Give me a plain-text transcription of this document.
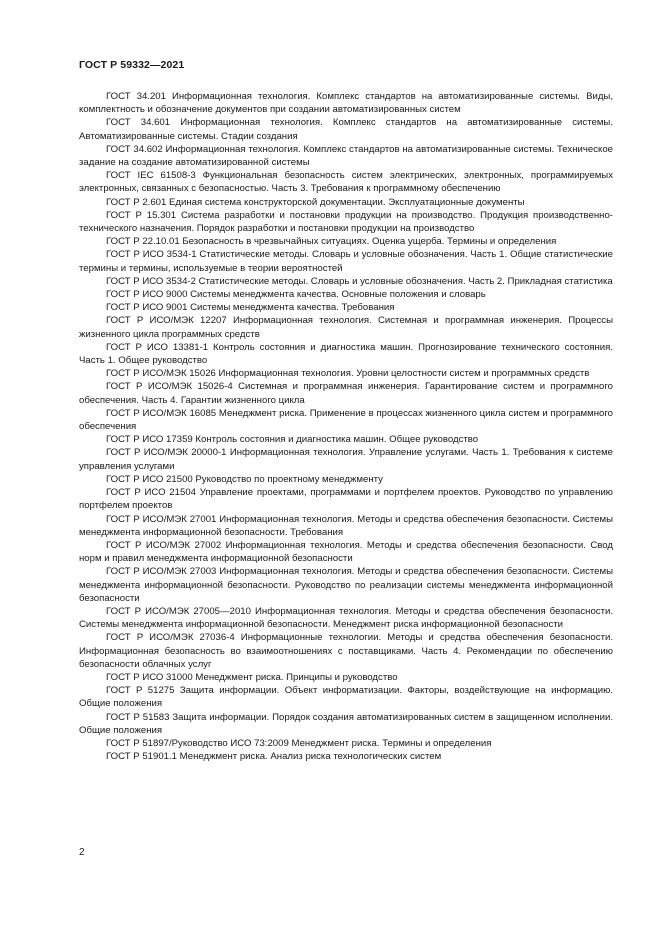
ГОСТ Р 59332—2021

ГОСТ 34.201 Информационная технология. Комплекс стандартов на автоматизированные системы. Виды, комплектность и обозначение документов при создании автоматизированных систем

ГОСТ 34.601 Информационная технология. Комплекс стандартов на автоматизированные системы. Автоматизированные системы. Стадии создания

ГОСТ 34.602 Информационная технология. Комплекс стандартов на автоматизированные системы. Техническое задание на создание автоматизированной системы

ГОСТ IEC 61508-3 Функциональная безопасность систем электрических, электронных, программируемых электронных, связанных с безопасностью. Часть 3. Требования к программному обеспечению

ГОСТ Р 2.601 Единая система конструкторской документации. Эксплуатационные документы

ГОСТ Р 15.301 Система разработки и постановки продукции на производство. Продукция производственно-технического назначения. Порядок разработки и постановки продукции на производство

ГОСТ Р 22.10.01 Безопасность в чрезвычайных ситуациях. Оценка ущерба. Термины и определения

ГОСТ Р ИСО 3534-1 Статистические методы. Словарь и условные обозначения. Часть 1. Общие статистические термины и термины, используемые в теории вероятностей

ГОСТ Р ИСО 3534-2 Статистические методы. Словарь и условные обозначения. Часть 2. Прикладная статистика

ГОСТ Р ИСО 9000 Системы менеджмента качества. Основные положения и словарь

ГОСТ Р ИСО 9001 Системы менеджмента качества. Требования

ГОСТ Р ИСО/МЭК 12207 Информационная технология. Системная и программная инженерия. Процессы жизненного цикла программных средств

ГОСТ Р ИСО 13381-1 Контроль состояния и диагностика машин. Прогнозирование технического состояния. Часть 1. Общее руководство

ГОСТ Р ИСО/МЭК 15026 Информационная технология. Уровни целостности систем и программных средств

ГОСТ Р ИСО/МЭК 15026-4 Системная и программная инженерия. Гарантирование систем и программного обеспечения. Часть 4. Гарантии жизненного цикла

ГОСТ Р ИСО/МЭК 16085 Менеджмент риска. Применение в процессах жизненного цикла систем и программного обеспечения

ГОСТ Р ИСО 17359 Контроль состояния и диагностика машин. Общее руководство

ГОСТ Р ИСО/МЭК 20000-1 Информационная технология. Управление услугами. Часть 1. Требования к системе управления услугами

ГОСТ Р ИСО 21500 Руководство по проектному менеджменту

ГОСТ Р ИСО 21504 Управление проектами, программами и портфелем проектов. Руководство по управлению портфелем проектов

ГОСТ Р ИСО/МЭК 27001 Информационная технология. Методы и средства обеспечения безопасности. Системы менеджмента информационной безопасности. Требования

ГОСТ Р ИСО/МЭК 27002 Информационная технология. Методы и средства обеспечения безопасности. Свод норм и правил менеджмента информационной безопасности

ГОСТ Р ИСО/МЭК 27003 Информационная технология. Методы и средства обеспечения безопасности. Системы менеджмента информационной безопасности. Руководство по реализации системы менеджмента информационной безопасности

ГОСТ Р ИСО/МЭК 27005—2010 Информационная технология. Методы и средства обеспечения безопасности. Системы менеджмента информационной безопасности. Менеджмент риска информационной безопасности

ГОСТ Р ИСО/МЭК 27036-4 Информационные технологии. Методы и средства обеспечения безопасности. Информационная безопасность во взаимоотношениях с поставщиками. Часть 4. Рекомендации по обеспечению безопасности облачных услуг

ГОСТ Р ИСО 31000 Менеджмент риска. Принципы и руководство

ГОСТ Р 51275 Защита информации. Объект информатизации. Факторы, воздействующие на информацию. Общие положения

ГОСТ Р 51583 Защита информации. Порядок создания автоматизированных систем в защищенном исполнении. Общие положения

ГОСТ Р 51897/Руководство ИСО 73:2009 Менеджмент риска. Термины и определения

ГОСТ Р 51901.1 Менеджмент риска. Анализ риска технологических систем

2
